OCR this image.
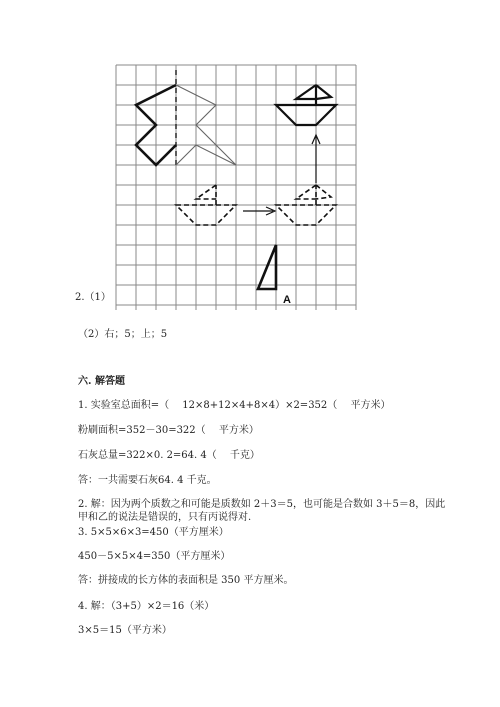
A
2.（1）
（2）右；5；上；5
六. 解答题
1. 实验室总面积=（　 12×8+12×4+8×4）×2=352（　 平方米）
粉刷面积=352－30=322（　 平方米）
石灰总量=322×0. 2=64. 4（　 千克）
答：一共需要石灰64. 4 千克。
2. 解：因为两个质数之和可能是质数如 2＋3＝5，也可能是合数如 3＋5＝8，因此
甲和乙的说法是错误的，只有丙说得对.
3. 5×5×6×3=450（平方厘米）
450－5×5×4=350（平方厘米）
答：拼接成的长方体的表面积是 350 平方厘米。
4. 解：（3+5）×2＝16（米）
3×5＝15（平方米）
